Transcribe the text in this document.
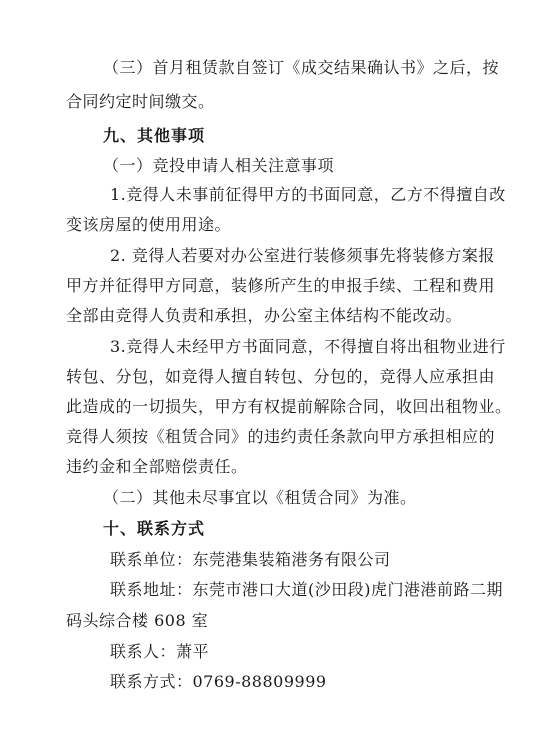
（三）首月租赁款自签订《成交结果确认书》之后，按
合同约定时间缴交。
九、其他事项
（一）竞投申请人相关注意事项
1.竞得人未事前征得甲方的书面同意，乙方不得擅自改
变该房屋的使用用途。
2. 竞得人若要对办公室进行装修须事先将装修方案报
甲方并征得甲方同意，装修所产生的申报手续、工程和费用
全部由竞得人负责和承担，办公室主体结构不能改动。
3.竞得人未经甲方书面同意，不得擅自将出租物业进行
转包、分包，如竞得人擅自转包、分包的，竞得人应承担由
此造成的一切损失，甲方有权提前解除合同，收回出租物业。
竞得人须按《租赁合同》的违约责任条款向甲方承担相应的
违约金和全部赔偿责任。
（二）其他未尽事宜以《租赁合同》为准。
十、联系方式
联系单位：东莞港集装箱港务有限公司
联系地址：东莞市港口大道(沙田段)虎门港港前路二期
码头综合楼 608 室
联系人：萧平
联系方式：0769-88809999
